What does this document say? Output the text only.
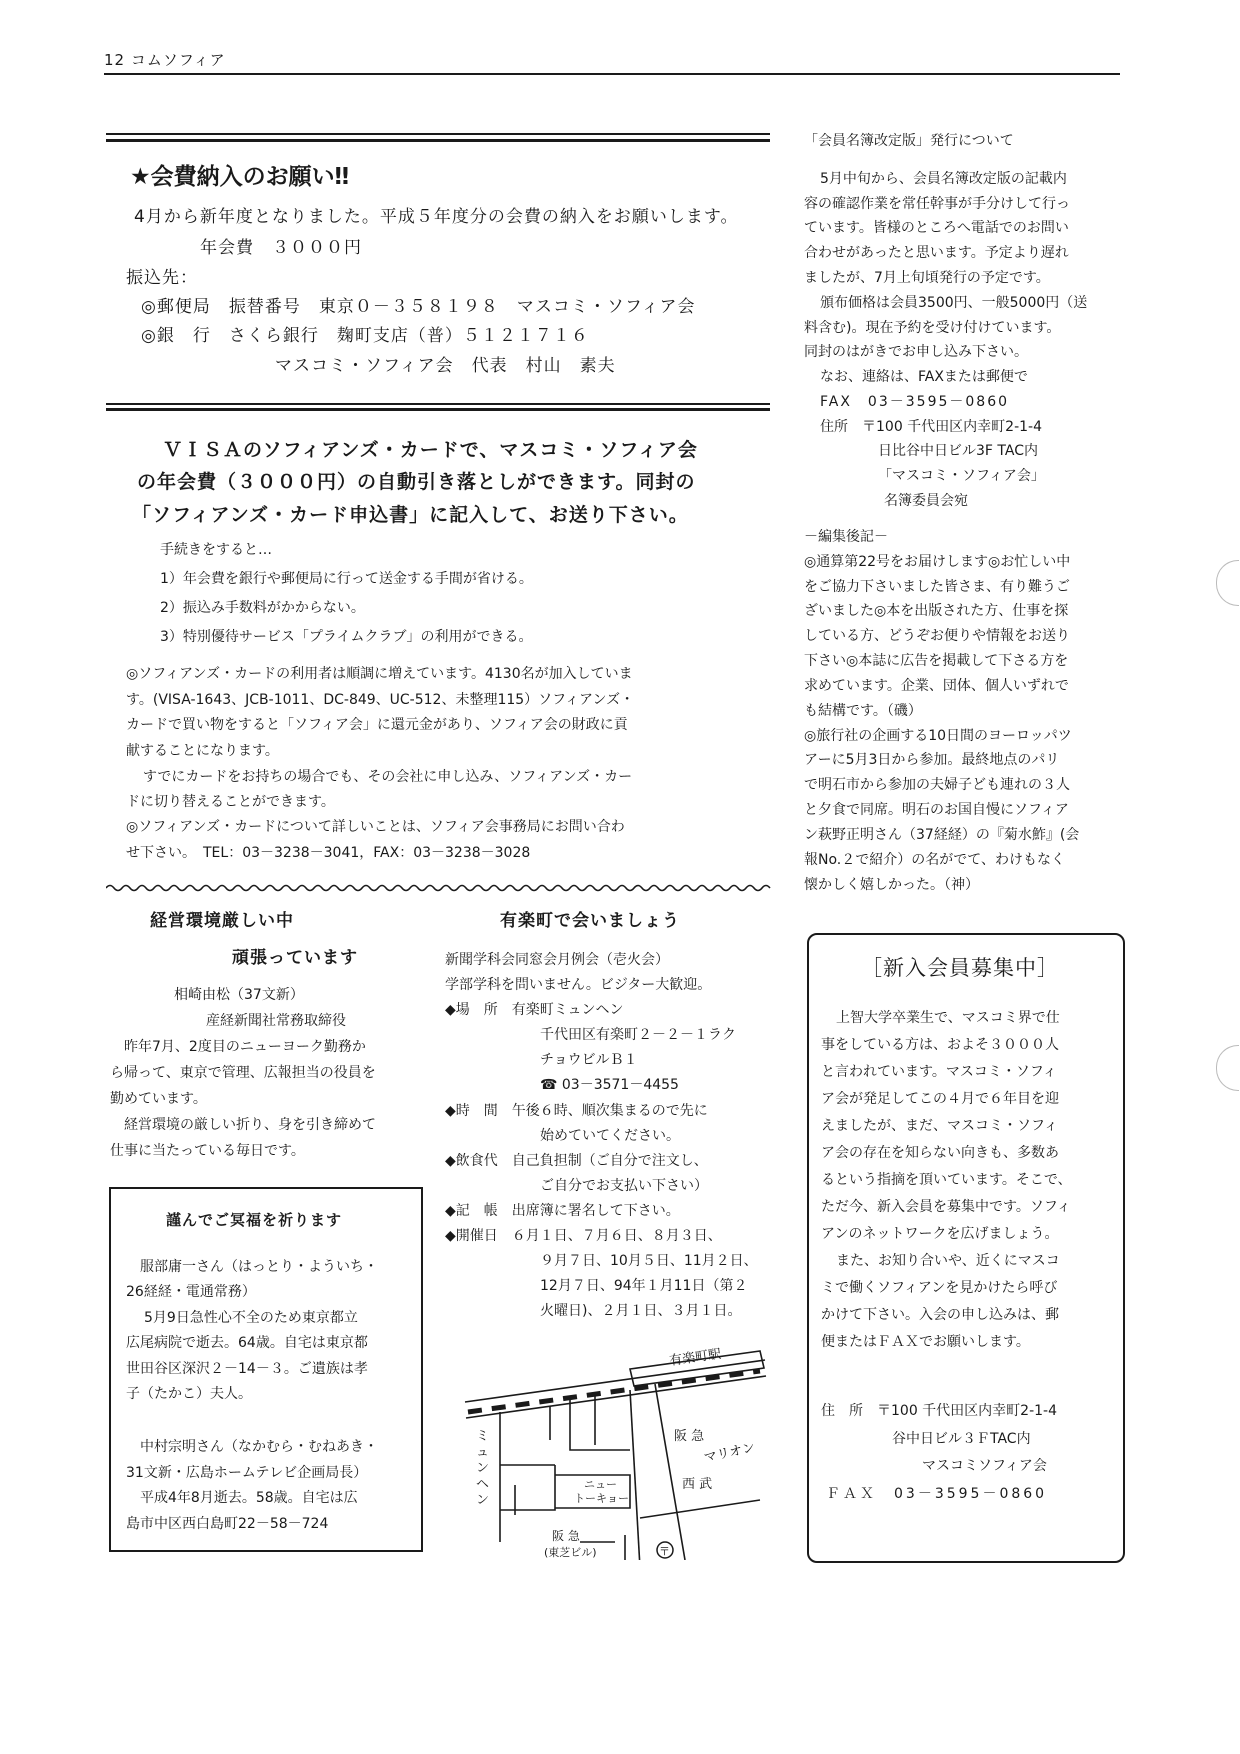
12 コムソフィア
★会費納入のお願い‼
4月から新年度となりました。平成５年度分の会費の納入をお願いします。
年会費　３０００円
振込先：
◎郵便局　振替番号　東京０－３５８１９８　マスコミ・ソフィア会
◎銀　行　さくら銀行　麹町支店（普）５１２１７１６
マスコミ・ソフィア会　代表　村山　素夫
ＶＩＳＡのソフィアンズ・カードで、マスコミ・ソフィア会
の年会費（３０００円）の自動引き落としができます。同封の
「ソフィアンズ・カード申込書」に記入して、お送り下さい。
手続きをすると…
1）年会費を銀行や郵便局に行って送金する手間が省ける。
2）振込み手数料がかからない。
3）特別優待サービス「プライムクラブ」の利用ができる。
◎ソフィアンズ・カードの利用者は順調に増えています。4130名が加入していま
す。(VISA-1643、JCB-1011、DC-849、UC-512、未整理115）ソフィアンズ・
カードで買い物をすると「ソフィア会」に還元金があり、ソフィア会の財政に貢
献することになります。
すでにカードをお持ちの場合でも、その会社に申し込み、ソフィアンズ・カー
ドに切り替えることができます。
◎ソフィアンズ・カードについて詳しいことは、ソフィア会事務局にお問い合わ
せ下さい。　TEL：03－3238－3041，FAX：03－3238－3028
「会員名簿改定版」発行について
5月中旬から、会員名簿改定版の記載内
容の確認作業を常任幹事が手分けして行っ
ています。皆様のところへ電話でのお問い
合わせがあったと思います。予定より遅れ
ましたが、7月上旬頃発行の予定です。
頒布価格は会員3500円、一般5000円（送
料含む)。現在予約を受け付けています。
同封のはがきでお申し込み下さい。
なお、連絡は、FAXまたは郵便で
FAX　03－3595－0860
住所　〒100 千代田区内幸町2-1-4
日比谷中日ビル3F TAC内
「マスコミ・ソフィア会」
名簿委員会宛
－編集後記－
◎通算第22号をお届けします◎お忙しい中
をご協力下さいました皆さま、有り難うご
ざいました◎本を出版された方、仕事を探
している方、どうぞお便りや情報をお送り
下さい◎本誌に広告を掲載して下さる方を
求めています。企業、団体、個人いずれで
も結構です。（磯）
◎旅行社の企画する10日間のヨーロッパツ
アーに5月3日から参加。最終地点のパリ
で明石市から参加の夫婦子ども連れの３人
と夕食で同席。明石のお国自慢にソフィア
ン萩野正明さん（37経経）の『菊水鮓』(会
報No.２で紹介）の名がでて、わけもなく
懐かしく嬉しかった。（神）
経営環境厳しい中
頑張っています
相崎由松（37文新）
産経新聞社常務取締役
昨年7月、2度目のニューヨーク勤務か
ら帰って、東京で管理、広報担当の役員を
勤めています。
経営環境の厳しい折り、身を引き締めて
仕事に当たっている毎日です。
謹んでご冥福を祈ります
服部庸一さん（はっとり・よういち・
26経経・電通常務）
5月9日急性心不全のため東京都立
広尾病院で逝去。64歳。自宅は東京都
世田谷区深沢２－14－３。ご遺族は孝
子（たかこ）夫人。
中村宗明さん（なかむら・むねあき・
31文新・広島ホームテレビ企画局長）
平成4年8月逝去。58歳。自宅は広
島市中区西白島町22－58－724
有楽町で会いましょう
新聞学科会同窓会月例会（壱火会）
学部学科を問いません。ビジター大歓迎。
◆場　所　有楽町ミュンヘン
千代田区有楽町２－２－１ラク
チョウビルＢ１
☎ 03－3571－4455
◆時　間　午後６時、順次集まるので先に
始めていてください。
◆飲食代　自己負担制（ご自分で注文し、
ご自分でお支払い下さい）
◆記　帳　出席簿に署名して下さい。
◆開催日　６月１日、７月６日、８月３日、
９月７日、10月５日、11月２日、
12月７日、94年１月11日（第２
火曜日)、２月１日、３月１日。
有楽町駅
阪 急
マリオン
西 武
ニュー トーキョー
ミ ュ ン ヘ ン
阪 急
(東芝ビル)	〒
［新入会員募集中］
上智大学卒業生で、マスコミ界で仕
事をしている方は、およそ３０００人
と言われています。マスコミ・ソフィ
ア会が発足してこの４月で６年目を迎
えましたが、まだ、マスコミ・ソフィ
ア会の存在を知らない向きも、多数あ
るという指摘を頂いています。そこで、
ただ今、新入会員を募集中です。ソフィ
アンのネットワークを広げましょう。
また、お知り合いや、近くにマスコ
ミで働くソフィアンを見かけたら呼び
かけて下さい。入会の申し込みは、郵
便またはＦＡＸでお願いします。
住　所　〒100 千代田区内幸町2-1-4
谷中日ビル３ＦTAC内
マスコミソフィア会
ＦＡＸ　03－3595－0860
